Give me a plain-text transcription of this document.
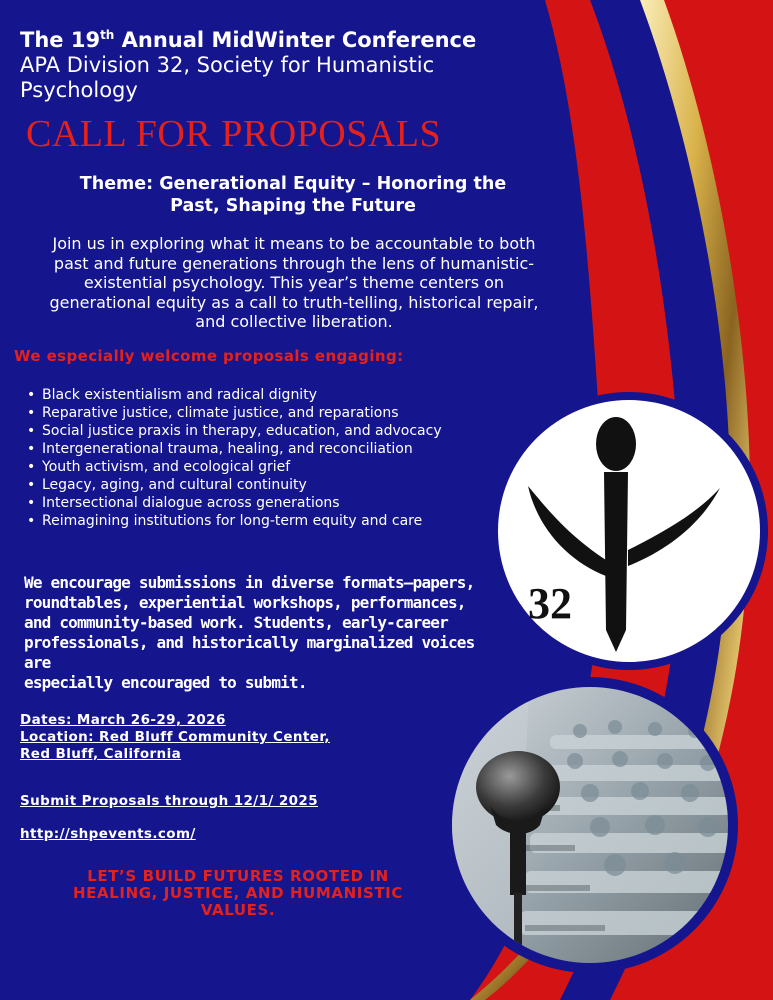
The 19th Annual MidWinter Conference
APA Division 32, Society for Humanistic
Psychology
CALL FOR PROPOSALS
Theme: Generational Equity – Honoring the
Past, Shaping the Future
Join us in exploring what it means to be accountable to both
past and future generations through the lens of humanistic-
existential psychology. This year’s theme centers on
generational equity as a call to truth-telling, historical repair,
and collective liberation.
We especially welcome proposals engaging:
• Black existentialism and radical dignity
• Reparative justice, climate justice, and reparations
• Social justice praxis in therapy, education, and advocacy
• Intergenerational trauma, healing, and reconciliation
• Youth activism, and ecological grief
• Legacy, aging, and cultural continuity
• Intersectional dialogue across generations
• Reimagining institutions for long-term equity and care
We encourage submissions in diverse formats—papers,
roundtables, experiential workshops, performances,
and community-based work. Students, early-career
professionals, and historically marginalized voices are
especially encouraged to submit.
Dates: March 26-29, 2026
Location: Red Bluff Community Center,
Red Bluff, California
Submit Proposals through 12/1/ 2025
http://shpevents.com/
LET’S BUILD FUTURES ROOTED IN
HEALING, JUSTICE, AND HUMANISTIC
VALUES.
32
